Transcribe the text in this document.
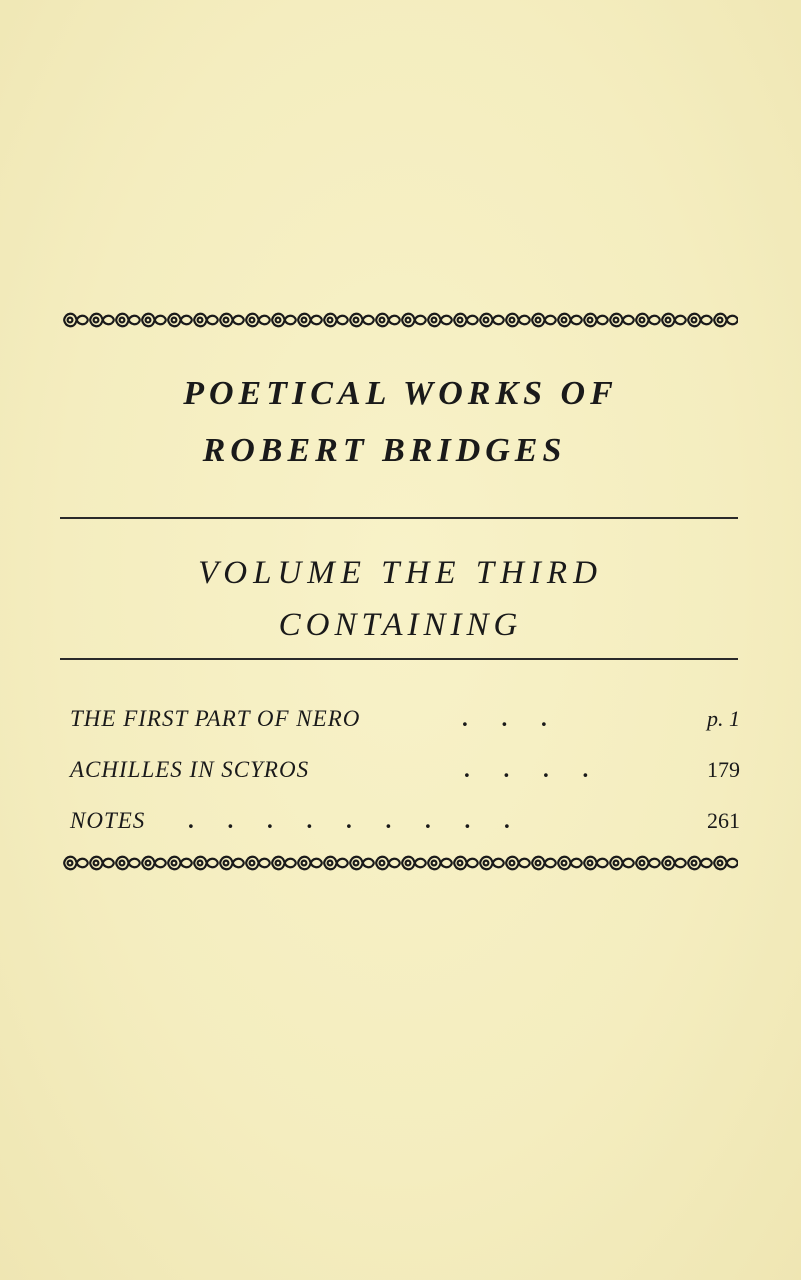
POETICAL WORKS OF
ROBERT BRIDGES
VOLUME THE THIRD
CONTAINING
THE FIRST PART OF NERO	. . .	p. 1
ACHILLES IN SCYROS	. . . .	179
NOTES . . . . . . . . .	261
